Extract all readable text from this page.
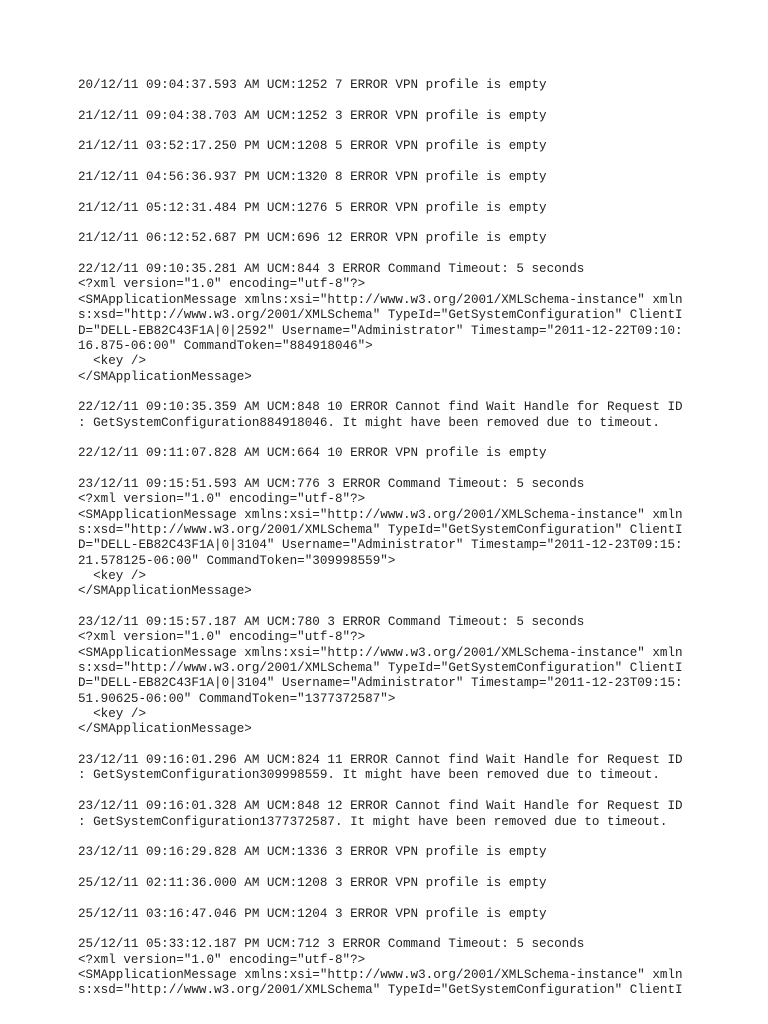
20/12/11 09:04:37.593 AM UCM:1252 7 ERROR VPN profile is empty
21/12/11 09:04:38.703 AM UCM:1252 3 ERROR VPN profile is empty
21/12/11 03:52:17.250 PM UCM:1208 5 ERROR VPN profile is empty
21/12/11 04:56:36.937 PM UCM:1320 8 ERROR VPN profile is empty
21/12/11 05:12:31.484 PM UCM:1276 5 ERROR VPN profile is empty
21/12/11 06:12:52.687 PM UCM:696 12 ERROR VPN profile is empty
22/12/11 09:10:35.281 AM UCM:844 3 ERROR Command Timeout: 5 seconds
<?xml version="1.0" encoding="utf-8"?>
<SMApplicationMessage xmlns:xsi="http://www.w3.org/2001/XMLSchema-instance" xmln
s:xsd="http://www.w3.org/2001/XMLSchema" TypeId="GetSystemConfiguration" ClientI
D="DELL-EB82C43F1A|0|2592" Username="Administrator" Timestamp="2011-12-22T09:10:
16.875-06:00" CommandToken="884918046">
<key />
</SMApplicationMessage>
22/12/11 09:10:35.359 AM UCM:848 10 ERROR Cannot find Wait Handle for Request ID
: GetSystemConfiguration884918046. It might have been removed due to timeout.
22/12/11 09:11:07.828 AM UCM:664 10 ERROR VPN profile is empty
23/12/11 09:15:51.593 AM UCM:776 3 ERROR Command Timeout: 5 seconds
<?xml version="1.0" encoding="utf-8"?>
<SMApplicationMessage xmlns:xsi="http://www.w3.org/2001/XMLSchema-instance" xmln
s:xsd="http://www.w3.org/2001/XMLSchema" TypeId="GetSystemConfiguration" ClientI
D="DELL-EB82C43F1A|0|3104" Username="Administrator" Timestamp="2011-12-23T09:15:
21.578125-06:00" CommandToken="309998559">
<key />
</SMApplicationMessage>
23/12/11 09:15:57.187 AM UCM:780 3 ERROR Command Timeout: 5 seconds
<?xml version="1.0" encoding="utf-8"?>
<SMApplicationMessage xmlns:xsi="http://www.w3.org/2001/XMLSchema-instance" xmln
s:xsd="http://www.w3.org/2001/XMLSchema" TypeId="GetSystemConfiguration" ClientI
D="DELL-EB82C43F1A|0|3104" Username="Administrator" Timestamp="2011-12-23T09:15:
51.90625-06:00" CommandToken="1377372587">
<key />
</SMApplicationMessage>
23/12/11 09:16:01.296 AM UCM:824 11 ERROR Cannot find Wait Handle for Request ID
: GetSystemConfiguration309998559. It might have been removed due to timeout.
23/12/11 09:16:01.328 AM UCM:848 12 ERROR Cannot find Wait Handle for Request ID
: GetSystemConfiguration1377372587. It might have been removed due to timeout.
23/12/11 09:16:29.828 AM UCM:1336 3 ERROR VPN profile is empty
25/12/11 02:11:36.000 AM UCM:1208 3 ERROR VPN profile is empty
25/12/11 03:16:47.046 PM UCM:1204 3 ERROR VPN profile is empty
25/12/11 05:33:12.187 PM UCM:712 3 ERROR Command Timeout: 5 seconds
<?xml version="1.0" encoding="utf-8"?>
<SMApplicationMessage xmlns:xsi="http://www.w3.org/2001/XMLSchema-instance" xmln
s:xsd="http://www.w3.org/2001/XMLSchema" TypeId="GetSystemConfiguration" ClientI
